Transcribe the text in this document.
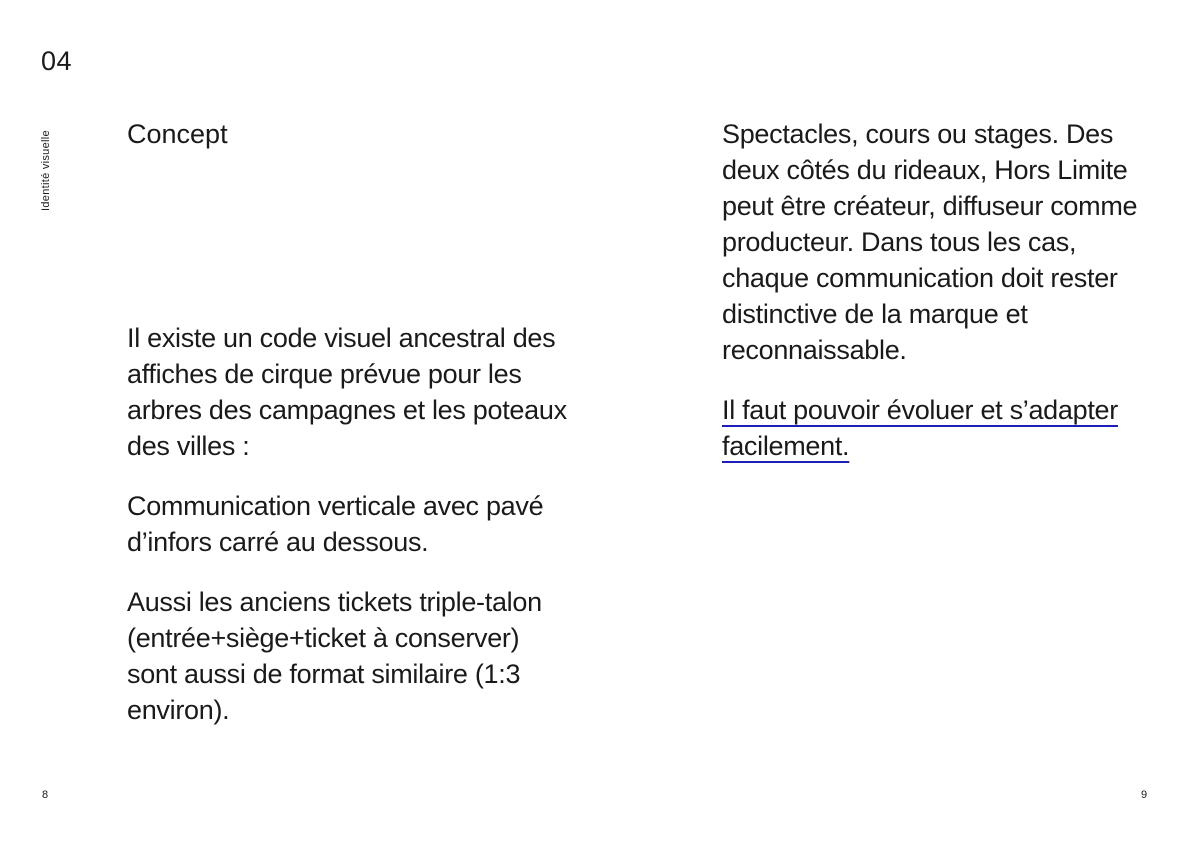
04
Identité visuelle	Concept

Il existe un code visuel ancestral des affiches de cirque prévue pour les arbres des campagnes et les poteaux des villes :

Communication verticale avec pavé d’infors carré au dessous.

Aussi les anciens tickets triple-talon (entrée+siège+ticket à conserver) sont aussi de format similaire (1:3 environ).

Spectacles, cours ou stages. Des deux côtés du rideaux, Hors Limite peut être créateur, diffuseur comme producteur. Dans tous les cas, chaque communication doit rester distinctive de la marque et reconnaissable.

Il faut pouvoir évoluer et s’adapter facilement.

8	9
